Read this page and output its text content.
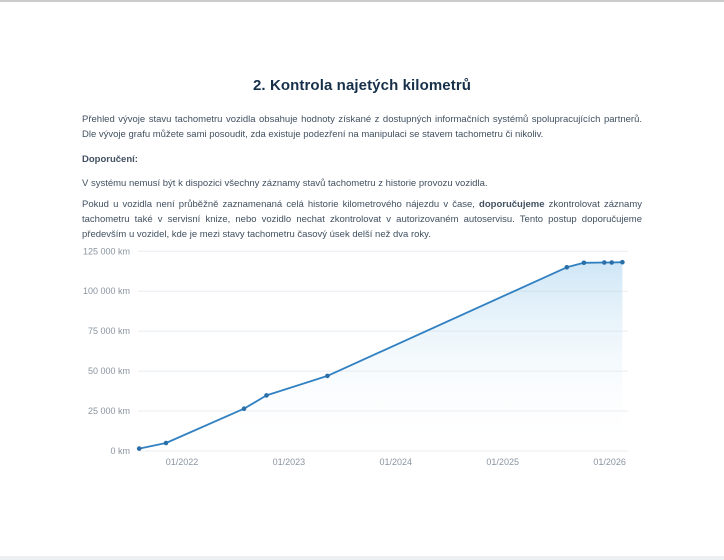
2. Kontrola najetých kilometrů

Přehled vývoje stavu tachometru vozidla obsahuje hodnoty získané z dostupných informačních systémů spolupracujících partnerů. Dle vývoje grafu můžete sami posoudit, zda existuje podezření na manipulaci se stavem tachometru či nikoliv.

Doporučení:

V systému nemusí být k dispozici všechny záznamy stavů tachometru z historie provozu vozidla.

Pokud u vozidla není průběžně zaznamenaná celá historie kilometrového nájezdu v čase, doporučujeme zkontrolovat záznamy tachometru také v servisní knize, nebo vozidlo nechat zkontrolovat v autorizovaném autoservisu. Tento postup doporučujeme především u vozidel, kde je mezi stavy tachometru časový úsek delší než dva roky.

0 km
25 000 km
50 000 km
75 000 km
100 000 km
125 000 km
01/2022	01/2023	01/2024	01/2025	01/2026
